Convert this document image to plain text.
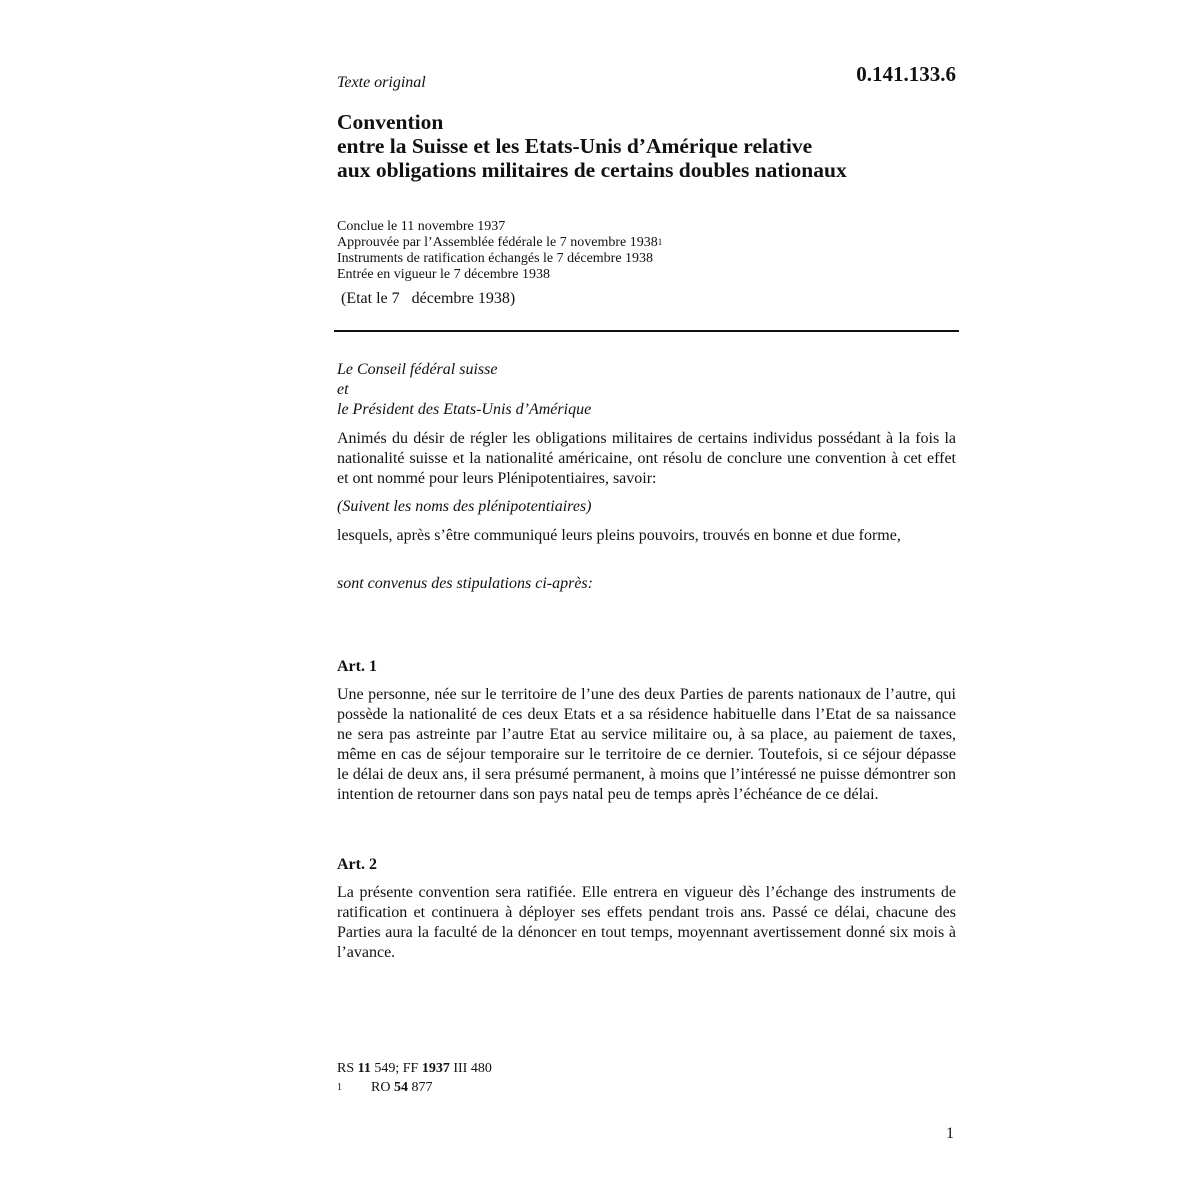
Texte original	0.141.133.6
Convention
entre la Suisse et les Etats-Unis d’Amérique relative
aux obligations militaires de certains doubles nationaux
Conclue le 11 novembre 1937
Approuvée par l’Assemblée fédérale le 7 novembre 1938$^1$
Instruments de ratification échangés le 7 décembre 1938
Entrée en vigueur le 7 décembre 1938
(Etat le 7 décembre 1938)
Le Conseil fédéral suisse
et
le Président des Etats-Unis d’Amérique
Animés du désir de régler les obligations militaires de certains individus possédant à la fois la nationalité suisse et la nationalité américaine, ont résolu de conclure une convention à cet effet et ont nommé pour leurs Plénipotentiaires, savoir:
(Suivent les noms des plénipotentiaires)
lesquels, après s’être communiqué leurs pleins pouvoirs, trouvés en bonne et due forme,
sont convenus des stipulations ci-après:
Art. 1
Une personne, née sur le territoire de l’une des deux Parties de parents nationaux de l’autre, qui possède la nationalité de ces deux Etats et a sa résidence habituelle dans l’Etat de sa naissance ne sera pas astreinte par l’autre Etat au service militaire ou, à sa place, au paiement de taxes, même en cas de séjour temporaire sur le territoire de ce dernier. Toutefois, si ce séjour dépasse le délai de deux ans, il sera présumé permanent, à moins que l’intéressé ne puisse démontrer son intention de retourner dans son pays natal peu de temps après l’échéance de ce délai.
Art. 2
La présente convention sera ratifiée. Elle entrera en vigueur dès l’échange des instruments de ratification et continuera à déployer ses effets pendant trois ans. Passé ce délai, chacune des Parties aura la faculté de la dénoncer en tout temps, moyennant avertissement donné six mois à l’avance.
RS 11 549; FF 1937 III 480
1 RO 54 877
1
